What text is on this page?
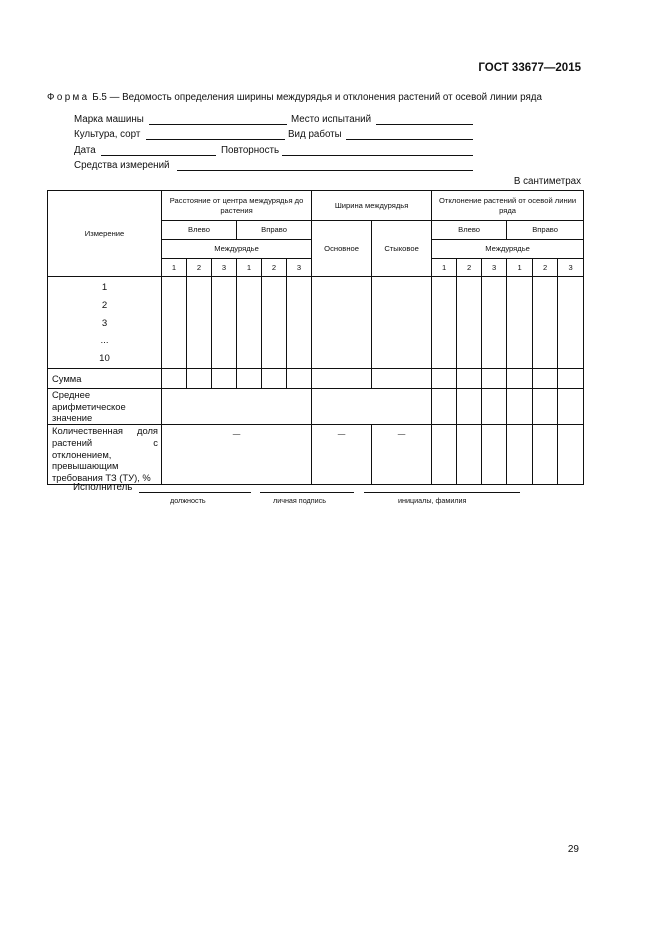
ГОСТ 33677—2015
Форма Б.5 — Ведомость определения ширины междурядья и отклонения растений от осевой линии ряда
Марка машины	Место испытаний
Культура, сорт	Вид работы
Дата	Повторность
Средства измерений
В сантиметрах
Измерение	Расстояние от центра междурядья до растения						Ширина междурядья		Отклонение растений от осевой линии ряда					
	Влево			Вправо			Основное	Стыковое	Влево			Вправо		
	Междурядье								Междурядье					
	1	2	3	1	2	3			1	2	3	1	2	3

1
2
3
...
10														

Сумма														
Среднее арифметическое значение														
Количественная доля растений с отклонением, превышающим требования ТЗ (ТУ), %	—						—	—						
Исполнитель
должность	личная подпись	инициалы, фамилия
29
